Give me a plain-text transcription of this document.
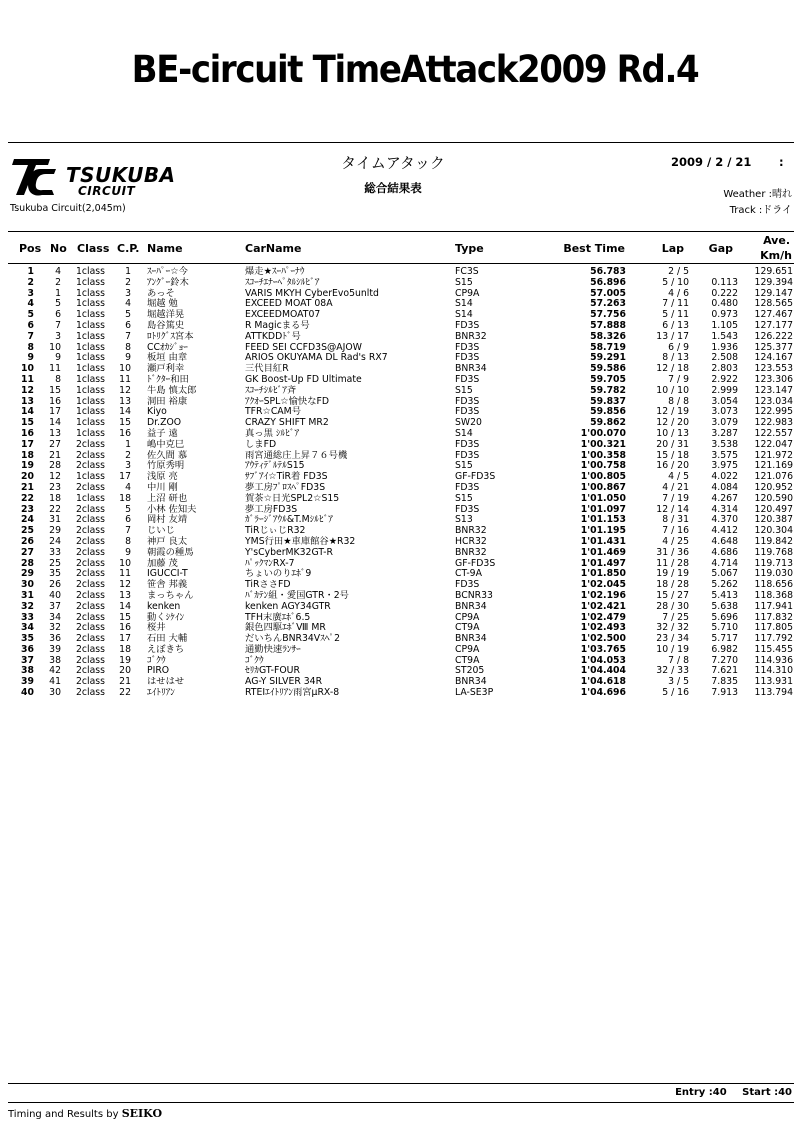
BE-circuit TimeAttack2009 Rd.4
TSUKUBA
CIRCUIT
Tsukuba Circuit(2,045m)
タイムアタック
総合結果表
2009 / 2 / 21 :
Weather :晴れ
Track :ドライ
Pos No Class C.P. Name	CarName	Type	Best Time	Lap Gap
Ave.
Km/h
1	4 1class	1 ｽｰﾊﾟｰ☆今	爆走★ｽｰﾊﾟｰﾅｳ	FC3S	56.783	2 / 5	129.651
2	2 1class	2 ｱﾝｸﾞｰ鈴木	ｽｺｰﾁｴﾅｰﾍﾟﾀﾙｼﾙﾋﾞｱ	S15	56.896	5 / 10 0.113 129.394
3	1 1class	3 あっそ	VARIS MKYH CyberEvo5unltd	CP9A	57.005	4 / 6 0.222 129.147
4	5 1class	4 堀越 勉	EXCEED MOAT 08A	S14	57.263	7 / 11 0.480 128.565
5	6 1class	5 堀越洋晃	EXCEEDMOAT07	S14	57.756	5 / 11 0.973 127.467
6	7 1class	6 島谷篤史	R Magicまる号	FD3S	57.888	6 / 13 1.105 127.177
7	3 1class	7 ﾛﾄﾘｸﾞｽ宮本	ATTKDDﾄﾞ号	BNR32	58.326	13 / 17 1.543 126.222
8	10 1class	8 CCｵｶｼﾞｮｰ	FEED SEI CCFD3S@AJOW	FD3S	58.719	6 / 9 1.936 125.377
9	9 1class	9 板垣 由章	ARIOS OKUYAMA DL Rad's RX7	FD3S	59.291	8 / 13 2.508 124.167
10	11 1class 10 瀬戸利幸	三代目紅R	BNR34	59.586	12 / 18 2.803 123.553
11	8 1class 11 ﾄﾞｸﾀｰ和田	GK Boost-Up FD Ultimate	FD3S	59.705	7 / 9 2.922 123.306
12	15 1class 12 牛島 慎太郎	ｽｺｰﾁｼﾙﾋﾞｱ斉	S15	59.782	10 / 10 2.999 123.147
13	16 1class 13 洞田 裕康	ｱｸｵｰSPL☆愉快なFD	FD3S	59.837	8 / 8 3.054 123.034
14	17 1class 14 Kiyo	TFR☆CAM号	FD3S	59.856	12 / 19 3.073 122.995
15	14 1class 15 Dr.ZOO	CRAZY SHIFT MR2	SW20	59.862	12 / 20 3.079 122.983
16	13 1class 16 益子 遠	真っ黒 ｼﾙﾋﾞｱ	S14	1'00.070	10 / 13 3.287 122.557
17	27 2class	1 嶋中克巳	しまFD	FD3S	1'00.321	20 / 31 3.538 122.047
18	21 2class	2 佐久間 慕	雨宮通総庄上昇７６号機	FD3S	1'00.358	15 / 18 3.575 121.972
19	28 2class	3 竹原秀明	ｱｳﾃｨﾃﾞﾙﾃﾙS15	S15	1'00.758	16 / 20 3.975 121.169
20	12 1class 17 浅原 亮	ｻﾌﾞｱｲ☆TiR着 FD3S	GF-FD3S	1'00.805	4 / 5 4.022 121.076
21	23 2class	4 中川 剛	夢工房ﾌﾟﾛｽﾍﾟFD3S	FD3S	1'00.867	4 / 21 4.084 120.952
22	18 1class 18 上沼 研也	賀茶☆日光SPL2☆S15	S15	1'01.050	7 / 19 4.267 120.590
23	22 2class	5 小林 佐知夫	夢工房FD3S	FD3S	1'01.097	12 / 14 4.314 120.497
24	31 2class	6 岡村 友靖	ｶﾞﾗｰｼﾞｱｳﾙ&T.Mｼﾙﾋﾞｱ	S13	1'01.153	8 / 31 4.370 120.387
25	29 2class	7 じいじ	TiRじぃじR32	BNR32	1'01.195	7 / 16 4.412 120.304
26	24 2class	8 神戸 良太	YMS行田★車庫館谷★R32	HCR32	1'01.431	4 / 25 4.648 119.842
27	33 2class	9 朝霞の種馬	Y'sCyberMK32GT-R	BNR32	1'01.469	31 / 36 4.686 119.768
28	25 2class 10 加藤 茂	ﾊﾟｯｸﾏﾝRX-7	GF-FD3S	1'01.497	11 / 28 4.714 119.713
29	35 2class 11 IGUCCI-T	ちょいのりｴﾎﾞ9	CT-9A	1'01.850	19 / 19 5.067 119.030
30	26 2class 12 笹舎 邦義	TiRささFD	FD3S	1'02.045	18 / 28 5.262 118.656
31	40 2class 13 まっちゃん	ﾊﾞｶﾃﾝ組・愛国GTR・2号	BCNR33	1'02.196	15 / 27 5.413 118.368
32	37 2class 14 kenken	kenken AGY34GTR	BNR34	1'02.421	28 / 30 5.638 117.941
33	34 2class 15 動くｼｹｲﾝ	TFH末廣ｴﾎﾞ6.5	CP9A	1'02.479	7 / 25 5.696 117.832
34	32 2class 16 桜井	銀色四駆ｴﾎﾞⅧ MR	CT9A	1'02.493	32 / 32 5.710 117.805
35	36 2class 17 石田 大輔	だいちんBNR34Vｽﾍﾟ2	BNR34	1'02.500	23 / 34 5.717 117.792
36	39 2class 18 えぼきち	通勤快速ﾗﾝｻｰ	CP9A	1'03.765	10 / 19 6.982 115.455
37	38 2class 19 ｺﾞｸｳ	ｺﾞｸｳ	CT9A	1'04.053	7 / 8 7.270 114.936
38	42 2class 20 PIRO	ｾﾘｶGT-FOUR	ST205	1'04.404	32 / 33 7.621 114.310
39	41 2class 21 はせはせ	AG-Y SILVER 34R	BNR34	1'04.618	3 / 5 7.835 113.931
40	30 2class 22 ｴｲﾄﾘｱﾝ	RTEIｴｲﾄﾘｱﾝ雨宮μRX-8	LA-SE3P	1'04.696	5 / 16 7.913 113.794
Entry :40 Start :40
Timing and Results by SEIKO
